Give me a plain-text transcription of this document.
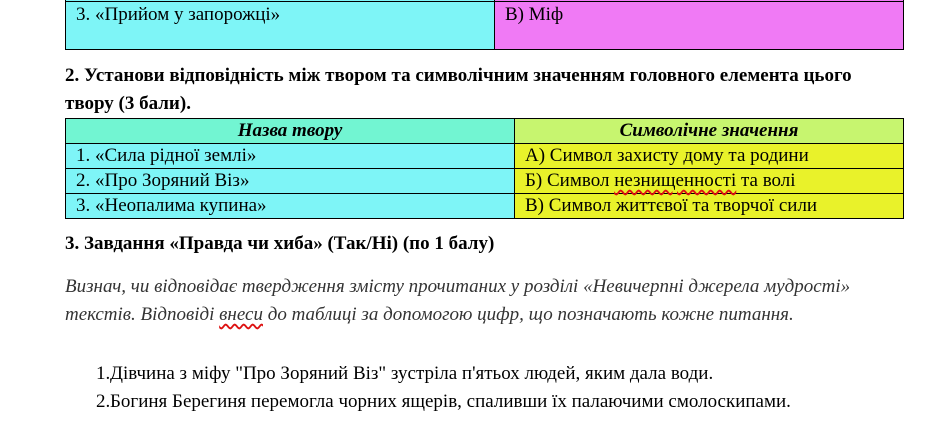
3. «Прийом у запорожці»	В) Міф
2. Установи відповідність між твором та символічним значенням головного елемента цього твору (3 бали).
Назва твору	Символічне значення
1. «Сила рідної землі»	А) Символ захисту дому та родини
2. «Про Зоряний Віз»	Б) Символ незнищенності та волі
3. «Неопалима купина»	В) Символ життєвої та творчої сили
3. Завдання «Правда чи хиба» (Так/Ні) (по 1 балу)
Визнач, чи відповідає твердження змісту прочитаних у розділі «Невичерпні джерела мудрості» текстів. Відповіді внеси до таблиці за допомогою цифр, що позначають кожне питання.
1. Дівчина з міфу "Про Зоряний Віз" зустріла п'ятьох людей, яким дала води.
2. Богиня Берегиня перемогла чорних ящерів, спаливши їх палаючими смолоскипами.
